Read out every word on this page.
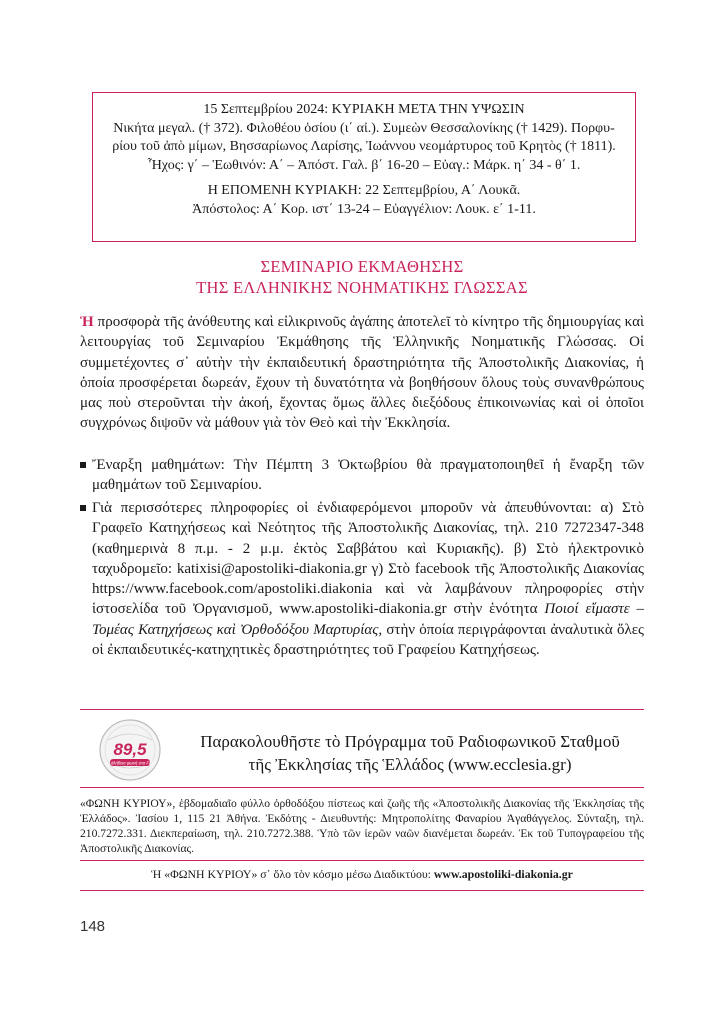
15 Σεπτεμβρίου 2024: ΚΥΡΙΑΚΗ ΜΕΤΑ ΤΗΝ ΥΨΩΣΙΝ

Νικήτα μεγαλ. († 372). Φιλοθέου ὁσίου (ι΄ αἰ.). Συμεὼν Θεσσαλονίκης († 1429). Πορφυ-

ρίου τοῦ ἀπὸ μίμων, Βησσαρίωνος Λαρίσης, Ἰωάννου νεομάρτυρος τοῦ Κρητὸς († 1811).

Ἦχος: γ΄ – Ἑωθινόν: Α΄ – Ἀπόστ. Γαλ. β΄ 16-20 – Εὐαγ.: Μάρκ. η΄ 34 - θ΄ 1.

Η ΕΠΟΜΕΝΗ ΚΥΡΙΑΚΗ: 22 Σεπτεμβρίου, Α΄ Λουκᾶ.

Ἀπόστολος: Α΄ Κορ. ιστ΄ 13-24 – Εὐαγγέλιον: Λουκ. ε΄ 1-11.

ΣΕΜΙΝΑΡΙΟ ΕΚΜΑΘΗΣΗΣ
ΤΗΣ ΕΛΛΗΝΙΚΗΣ ΝΟΗΜΑΤΙΚΗΣ ΓΛΩΣΣΑΣ
Ἡ προσφορὰ τῆς ἀνόθευτης καὶ εἰλικρινοῦς ἀγάπης ἀποτελεῖ τὸ κίνητρο τῆς δημιουργίας καὶ λειτουργίας τοῦ Σεμιναρίου Ἐκμάθησης τῆς Ἑλληνικῆς Νοηματικῆς Γλώσσας. Οἱ συμμετέχοντες σ᾽ αὐτὴν τὴν ἐκπαιδευτική δραστηριότητα τῆς Ἀποστολικῆς Διακονίας, ἡ ὁποία προσφέρεται δωρεάν, ἔχουν τὴ δυνατότητα νὰ βοηθήσουν ὅλους τοὺς συνανθρώπους μας ποὺ στεροῦνται τὴν ἀκοή, ἔχοντας ὅμως ἄλλες διεξόδους ἐπικοινωνίας καὶ οἱ ὁποῖοι συγχρόνως διψοῦν νὰ μάθουν γιὰ τὸν Θεὸ καὶ τὴν Ἐκκλησία.
Ἔναρξη μαθημάτων: Τὴν Πέμπτη 3 Ὀκτωβρίου θὰ πραγματοποιηθεῖ ἡ ἔναρξη τῶν μαθημάτων τοῦ Σεμιναρίου.
Γιὰ περισσότερες πληροφορίες οἱ ἐνδιαφερόμενοι μποροῦν νὰ ἀπευθύνονται: α) Στὸ Γραφεῖο Κατηχήσεως καὶ Νεότητος τῆς Ἀποστολικῆς Διακονίας, τηλ. 210 7272347-348 (καθημερινὰ 8 π.μ. - 2 μ.μ. ἐκτὸς Σαββάτου καὶ Κυριακῆς). β) Στὸ ἠλεκτρονικὸ ταχυδρομεῖο: katixisi@apostoliki-diakonia.gr γ) Στὸ facebook τῆς Ἀποστολικῆς Διακονίας https://www.facebook.com/apostoliki.diakonia καὶ νὰ λαμβάνουν πληροφορίες στὴν ἱστοσελίδα τοῦ Ὀργανισμοῦ, www.apostoliki-diakonia.gr στὴν ἑνότητα Ποιοί εἴμαστε – Τομέας Κατηχήσεως καὶ Ὀρθοδόξου Μαρτυρίας, στὴν ὁποία περιγράφονται ἀναλυτικὰ ὅλες οἱ ἐκπαιδευτικές-κατηχητικὲς δραστηριότητες τοῦ Γραφείου Κατηχήσεως.
89,5
ἡ ἀλήθεια φωνή στα FM
Παρακολουθῆστε τὸ Πρόγραμμα τοῦ Ραδιοφωνικοῦ Σταθμοῦ
τῆς Ἐκκλησίας τῆς Ἑλλάδος (www.ecclesia.gr)
«ΦΩΝΗ ΚΥΡΙΟΥ», ἑβδομαδιαῖο φύλλο ὀρθοδόξου πίστεως καὶ ζωῆς τῆς «Ἀποστολικῆς Διακονίας τῆς Ἐκκλησίας τῆς Ἑλλάδος». Ἰασίου 1, 115 21 Ἀθήνα. Ἐκδότης - Διευθυντής: Μητροπολίτης Φαναρίου Ἀγαθάγγελος. Σύνταξη, τηλ. 210.7272.331. Διεκπεραίωση, τηλ. 210.7272.388. Ὑπὸ τῶν ἱερῶν ναῶν διανέμεται δωρεάν. Ἐκ τοῦ Τυπογραφείου τῆς Ἀποστολικῆς Διακονίας.
Ἡ «ΦΩΝΗ ΚΥΡΙΟΥ» σ᾽ ὅλο τὸν κόσμο μέσω Διαδικτύου: www.apostoliki-diakonia.gr
148
